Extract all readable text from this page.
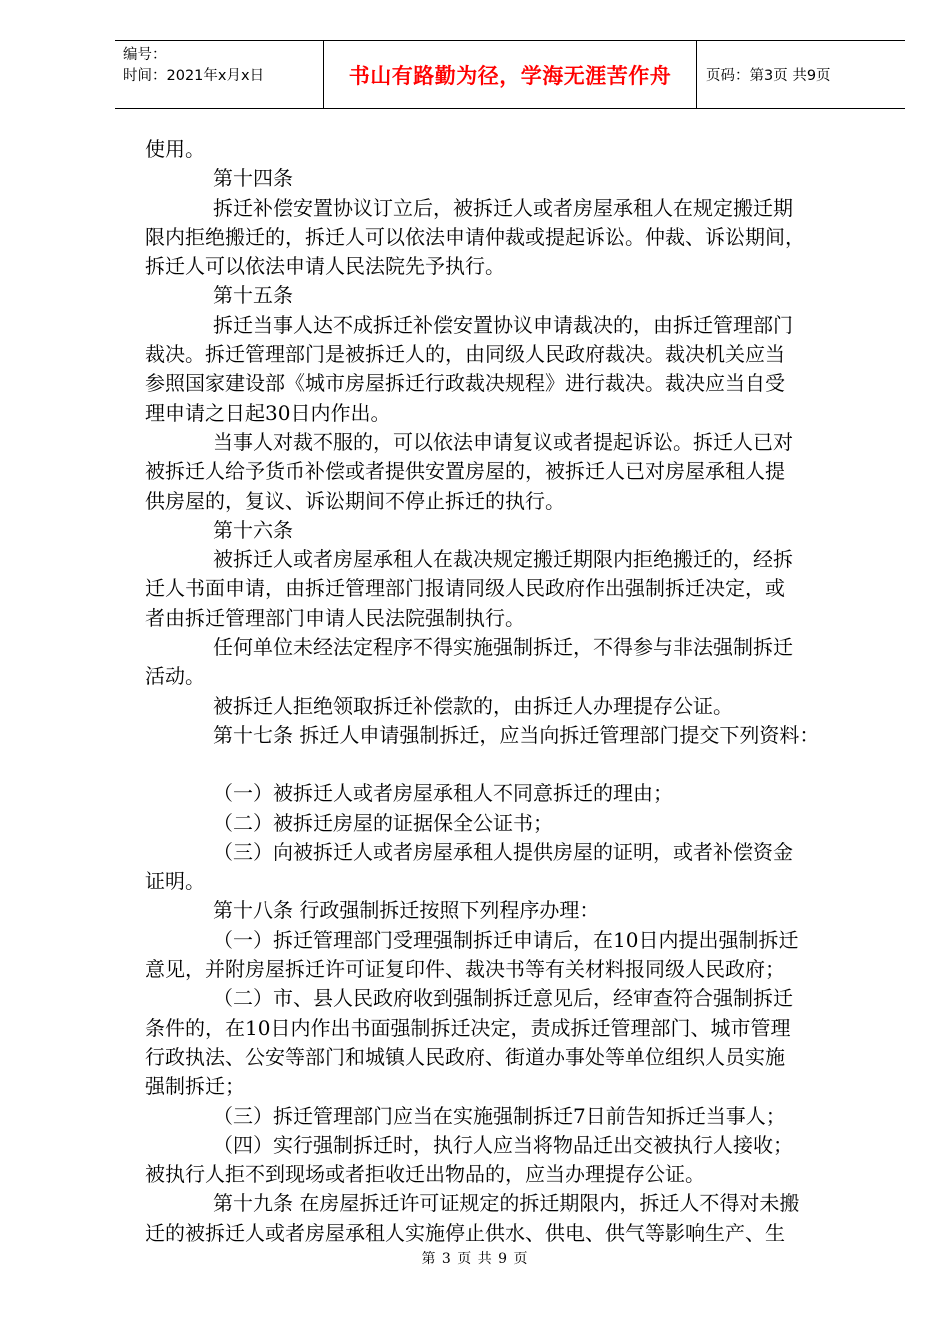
编号：
时间：2021年x月x日	书山有路勤为径，学海无涯苦作舟 页码：第3页 共9页

使用。

第十四条

拆迁补偿安置协议订立后，被拆迁人或者房屋承租人在规定搬迁期

限内拒绝搬迁的，拆迁人可以依法申请仲裁或提起诉讼。仲裁、诉讼期间，

拆迁人可以依法申请人民法院先予执行。

第十五条

拆迁当事人达不成拆迁补偿安置协议申请裁决的，由拆迁管理部门

裁决。拆迁管理部门是被拆迁人的，由同级人民政府裁决。裁决机关应当

参照国家建设部《城市房屋拆迁行政裁决规程》进行裁决。裁决应当自受

理申请之日起30日内作出。

当事人对裁不服的，可以依法申请复议或者提起诉讼。拆迁人已对

被拆迁人给予货币补偿或者提供安置房屋的，被拆迁人已对房屋承租人提

供房屋的，复议、诉讼期间不停止拆迁的执行。

第十六条

被拆迁人或者房屋承租人在裁决规定搬迁期限内拒绝搬迁的，经拆

迁人书面申请，由拆迁管理部门报请同级人民政府作出强制拆迁决定，或

者由拆迁管理部门申请人民法院强制执行。

任何单位未经法定程序不得实施强制拆迁，不得参与非法强制拆迁

活动。

被拆迁人拒绝领取拆迁补偿款的，由拆迁人办理提存公证。

第十七条 拆迁人申请强制拆迁，应当向拆迁管理部门提交下列资料：

（一）被拆迁人或者房屋承租人不同意拆迁的理由；

（二）被拆迁房屋的证据保全公证书；

（三）向被拆迁人或者房屋承租人提供房屋的证明，或者补偿资金

证明。

第十八条 行政强制拆迁按照下列程序办理：

（一）拆迁管理部门受理强制拆迁申请后，在10日内提出强制拆迁

意见，并附房屋拆迁许可证复印件、裁决书等有关材料报同级人民政府；

（二）市、县人民政府收到强制拆迁意见后，经审查符合强制拆迁

条件的，在10日内作出书面强制拆迁决定，责成拆迁管理部门、城市管理

行政执法、公安等部门和城镇人民政府、街道办事处等单位组织人员实施

强制拆迁；

（三）拆迁管理部门应当在实施强制拆迁7日前告知拆迁当事人；

（四）实行强制拆迁时，执行人应当将物品迁出交被执行人接收；

被执行人拒不到现场或者拒收迁出物品的，应当办理提存公证。

第十九条 在房屋拆迁许可证规定的拆迁期限内，拆迁人不得对未搬

迁的被拆迁人或者房屋承租人实施停止供水、供电、供气等影响生产、生

第 3 页 共 9 页
